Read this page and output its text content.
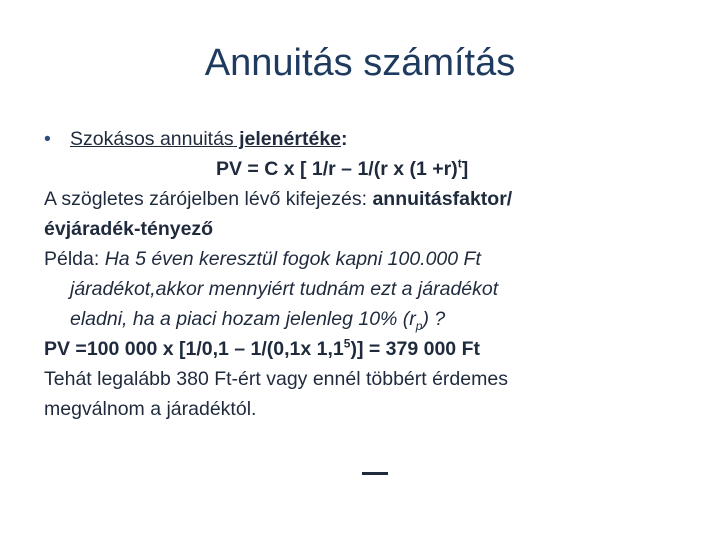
Annuitás számítás
• Szokásos annuitás jelenértéke:
PV = C x [ 1/r – 1/(r x $(1 +r)^t$]
A szögletes zárójelben lévő kifejezés: annuitásfaktor/
évjáradék-tényező
Példa: Ha 5 éven keresztül fogok kapni 100.000 Ft
járadékot,akkor mennyiért tudnám ezt a járadékot
eladni, ha a piaci hozam jelenleg 10% $(r_p)$ ?
PV =100 000 x [1/0,1 – 1/(0,1x $1,1^5)] = 379$ 000 Ft
Tehát legalább 380 Ft-ért vagy ennél többért érdemes
megválnom a járadéktól.
